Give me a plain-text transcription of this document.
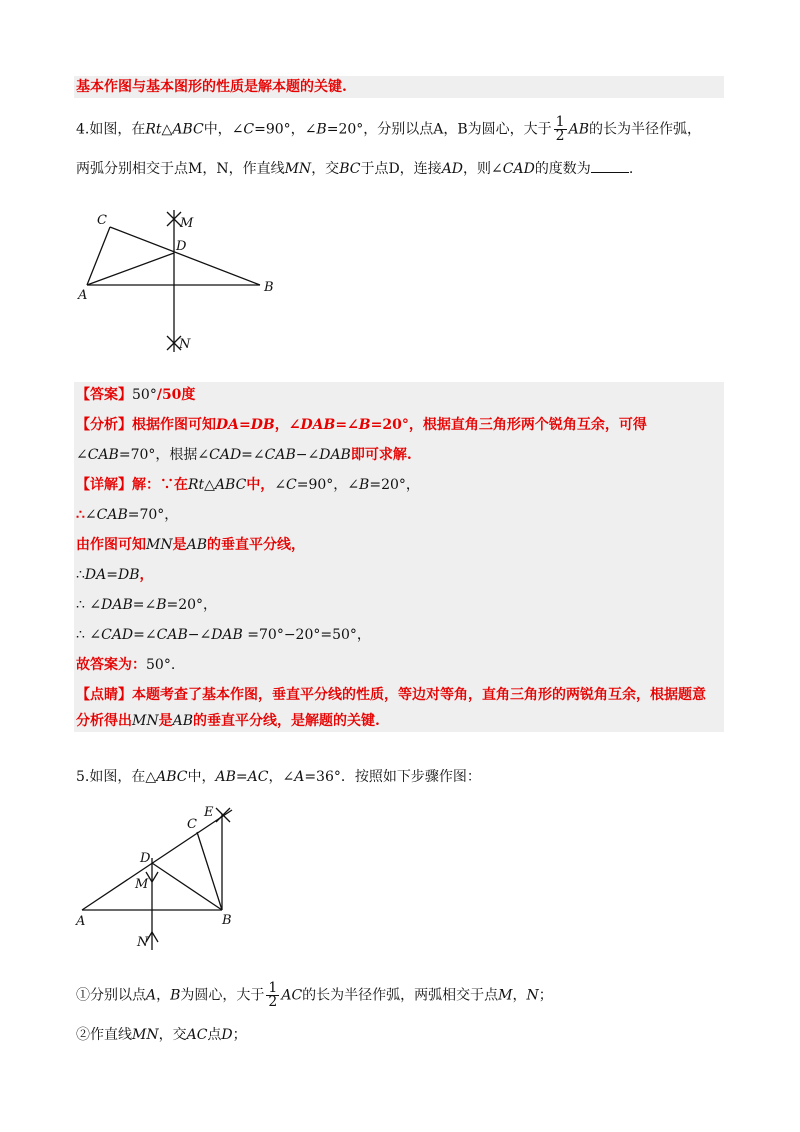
基本作图与基本图形的性质是解本题的关键.
4.如图，在Rt△ABC中，∠C=90°，∠B=20°，分别以点A，B为圆心，大于 $\frac{1}{2}$ AB的长为半径作弧，
两弧分别相交于点M，N，作直线MN，交BC于点D，连接AD，则∠CAD的度数为	.
C	M
D
A
B
N
【答案】50°/50度
【分析】根据作图可知DA=DB，∠DAB=∠B=20°，根据直角三角形两个锐角互余，可得
∠CAB=70°，根据∠CAD=∠CAB−∠DAB即可求解.
【详解】解：∵在Rt△ABC中，∠C=90°，∠B=20°，
∴∠CAB=70°，
由作图可知MN是AB的垂直平分线，
∴DA=DB，
∴ ∠DAB=∠B=20°，
∴ ∠CAD=∠CAB−∠DAB =70°−20°=50°，
故答案为：50°.
【点睛】本题考查了基本作图，垂直平分线的性质，等边对等角，直角三角形的两锐角互余，根据题意
分析得出MN是AB的垂直平分线，是解题的关键.
5.如图，在△ABC中，AB=AC，∠A=36°．按照如下步骤作图：
E
C
D
M
A	B
N
①分别以点A，B为圆心，大于 $\frac{1}{2}$ AC的长为半径作弧，两弧相交于点M，N；
②作直线MN，交AC点D；
